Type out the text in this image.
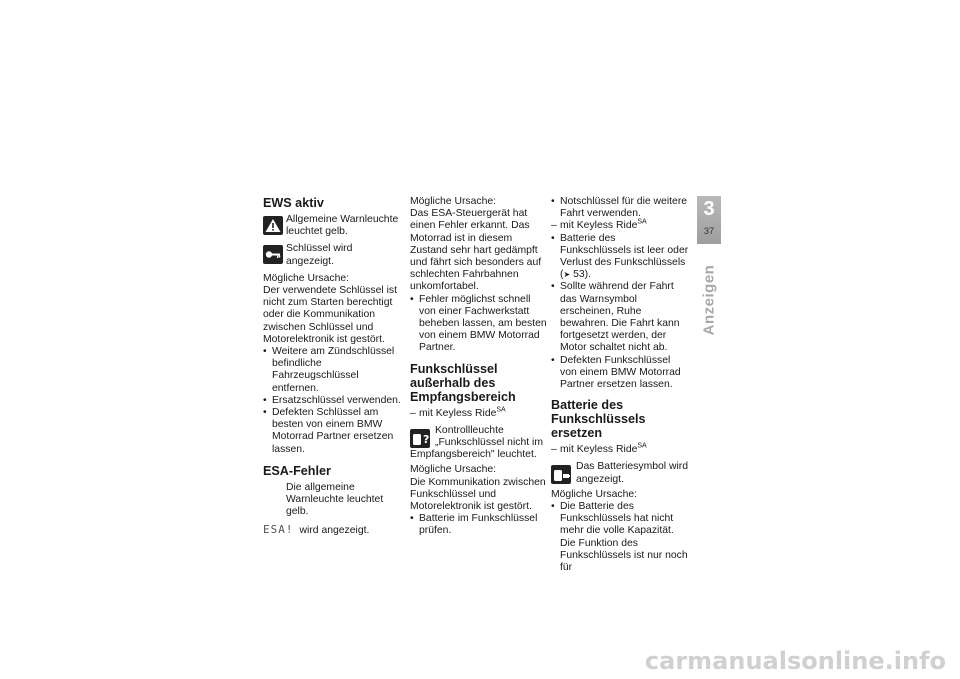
EWS aktiv
Allgemeine Warnleuchte leuchtet gelb.
Schlüssel wird angezeigt.

Mögliche Ursache:

Der verwendete Schlüssel ist nicht zum Starten berechtigt oder die Kommunikation zwischen Schlüssel und Motorelektronik ist gestört.

• Weitere am Zündschlüssel befindliche Fahrzeugschlüssel entfernen.
• Ersatzschlüssel verwenden.
• Defekten Schlüssel am besten von einem BMW Motorrad Partner ersetzen lassen.
ESA-Fehler
Die allgemeine Warnleuchte leuchtet gelb.
ESA! wird angezeigt.

Mögliche Ursache:

Das ESA-Steuergerät hat einen Fehler erkannt. Das Motorrad ist in diesem Zustand sehr hart gedämpft und fährt sich besonders auf schlechten Fahrbahnen unkomfortabel.

• Fehler möglichst schnell von einer Fachwerkstatt beheben lassen, am besten von einem BMW Motorrad Partner.
Funkschlüssel außerhalb des Empfangsbereich
– mit Keyless Ride$^{SA}$
?

Kontrollleuchte „Funkschlüssel nicht im Empfangsbereich" leuchtet.

Mögliche Ursache:

Die Kommunikation zwischen Funkschlüssel und Motorelektronik ist gestört.

• Batterie im Funkschlüssel prüfen.
• Notschlüssel für die weitere Fahrt verwenden.
– mit Keyless Ride$^{SA}$
• Batterie des Funkschlüssels ist leer oder Verlust des Funkschlüssels (➤ 53).
• Sollte während der Fahrt das Warnsymbol erscheinen, Ruhe bewahren. Die Fahrt kann fortgesetzt werden, der Motor schaltet nicht ab.
• Defekten Funkschlüssel von einem BMW Motorrad Partner ersetzen lassen.
Batterie des Funkschlüssels ersetzen
– mit Keyless Ride$^{SA}$

Das Batteriesymbol wird angezeigt.

Mögliche Ursache:

• Die Batterie des Funkschlüssels hat nicht mehr die volle Kapazität. Die Funktion des Funkschlüssels ist nur noch für
3
37
Anzeigen
carmanualsonline.info
